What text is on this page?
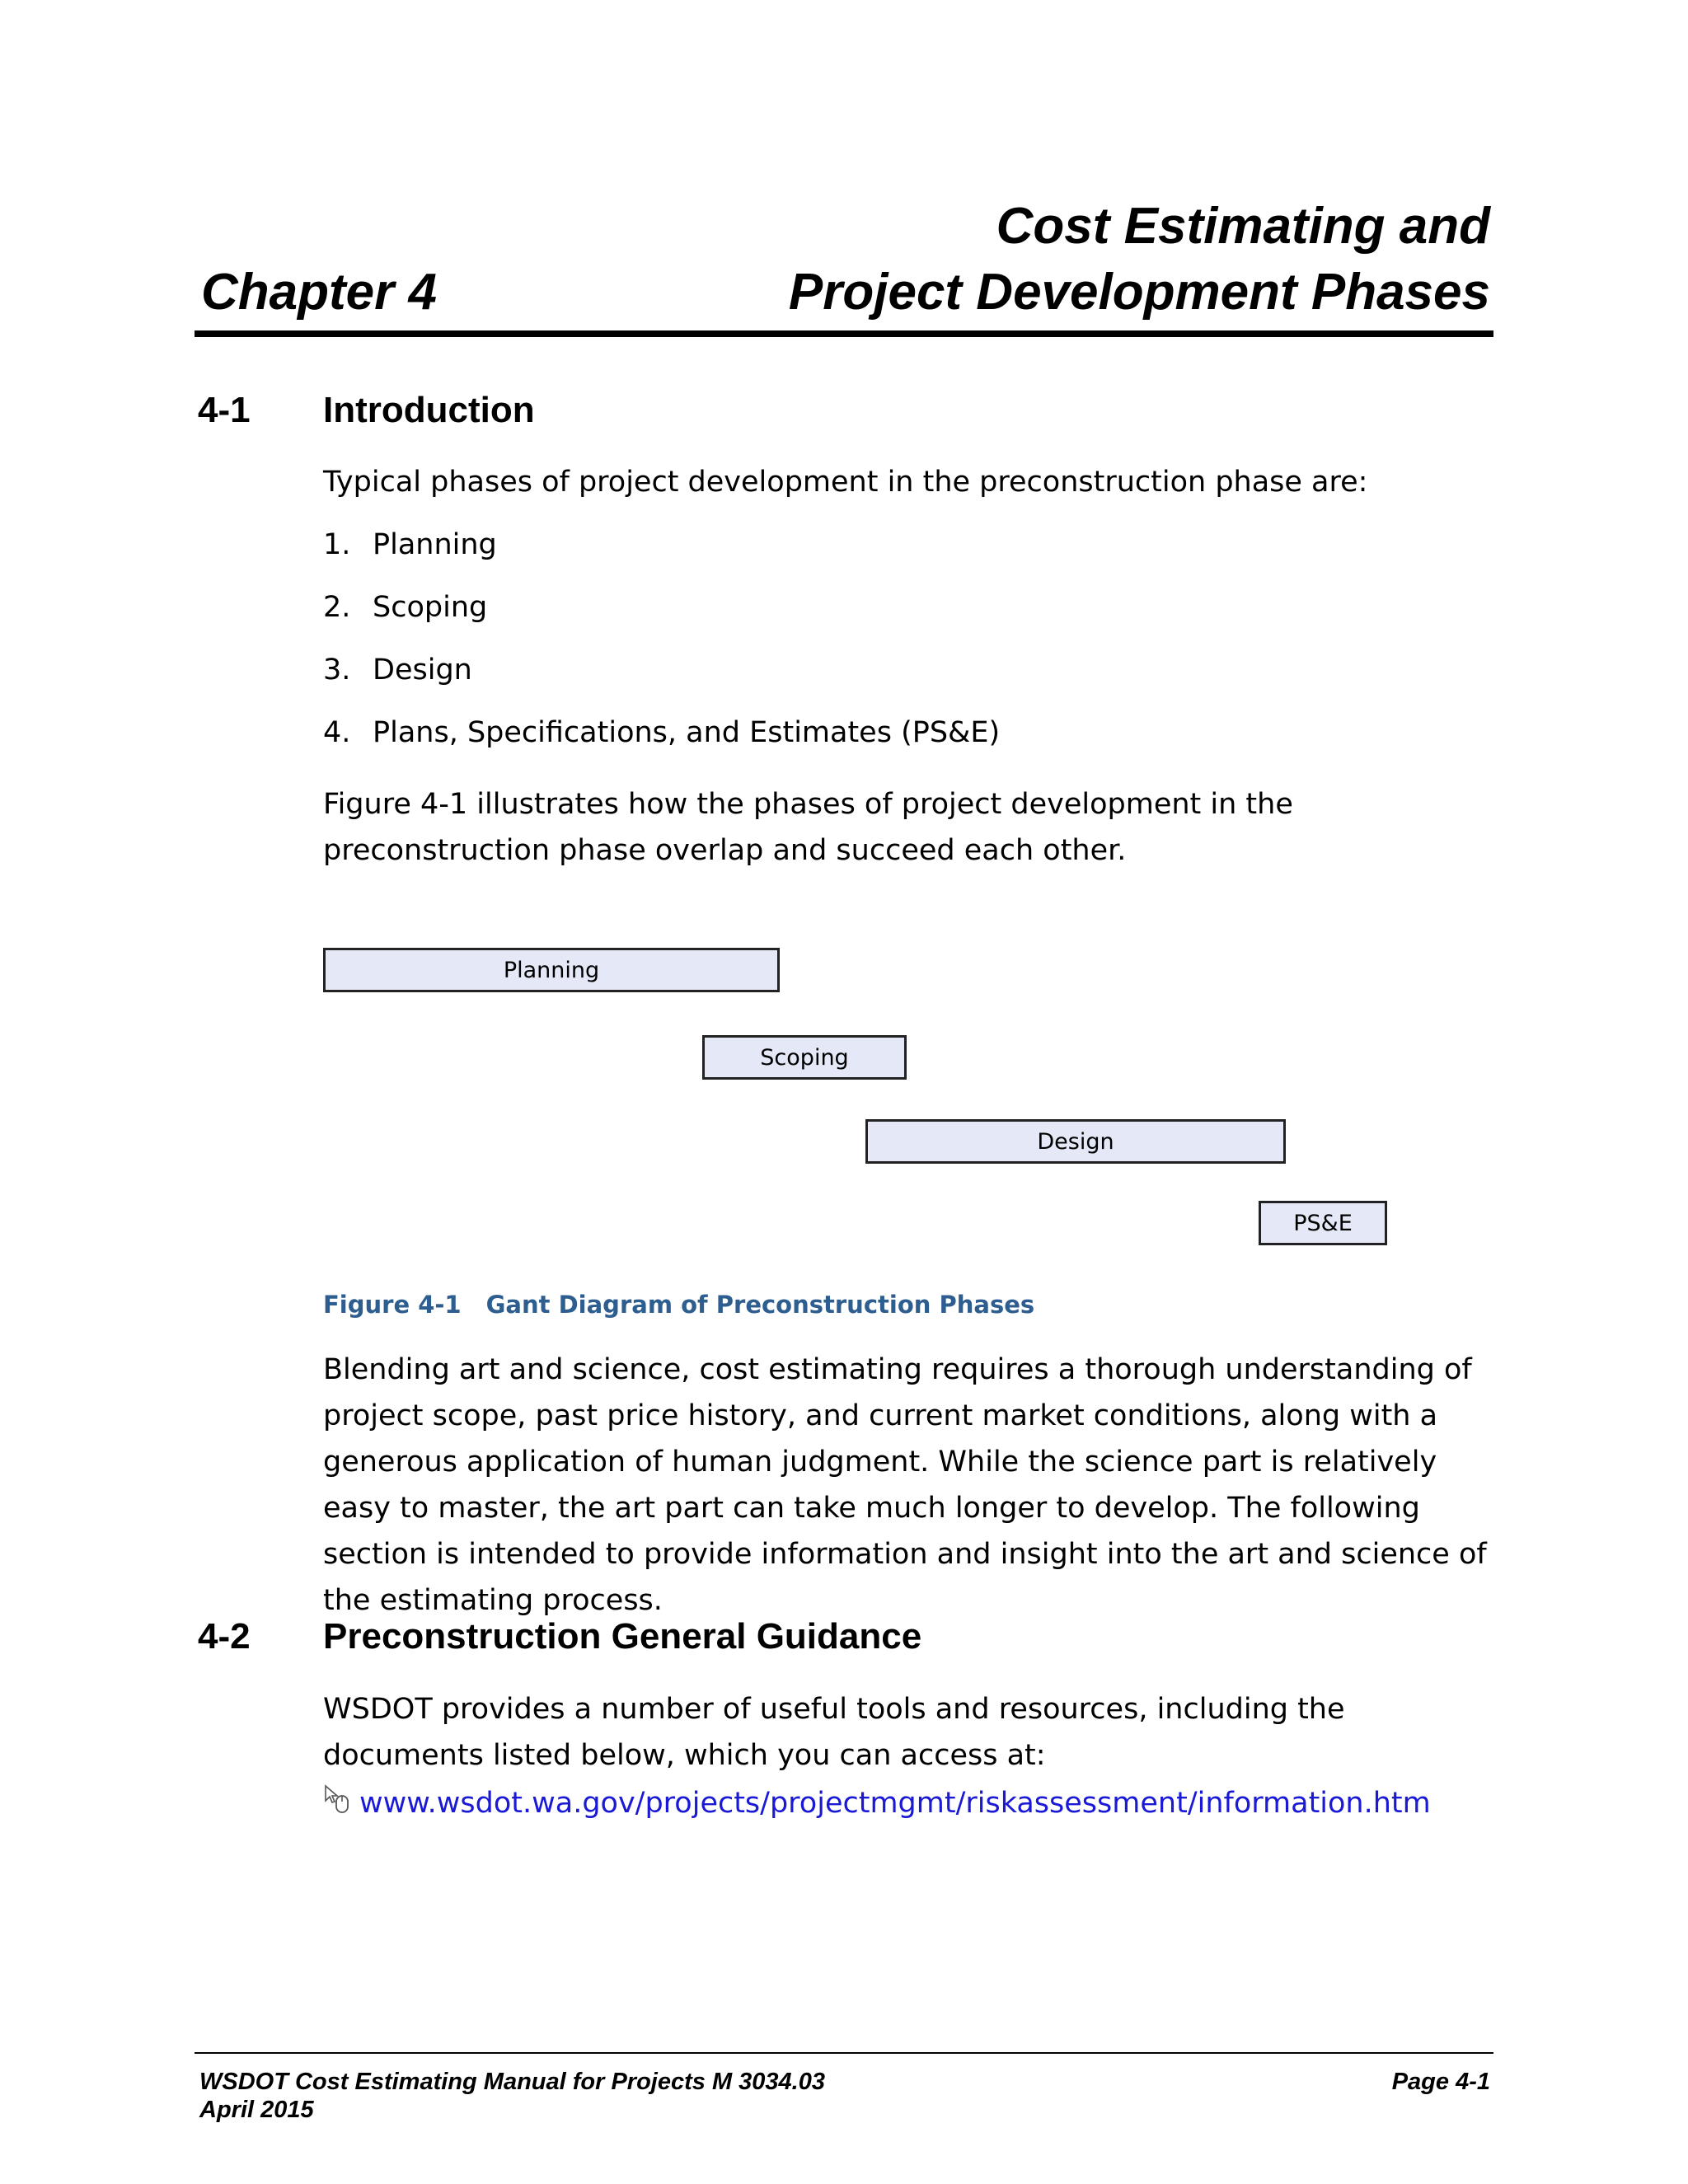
Cost Estimating and
Chapter 4	Project Development Phases
4-1 Introduction
Typical phases of project development in the preconstruction phase are:
1. Planning
2. Scoping
3. Design
4. Plans, Specifications, and Estimates (PS&E)
Figure 4-1 illustrates how the phases of project development in the preconstruction phase overlap and succeed each other.
Planning
Scoping
Design
PS&E
Figure 4-1 Gant Diagram of Preconstruction Phases
Blending art and science, cost estimating requires a thorough understanding of project scope, past price history, and current market conditions, along with a generous application of human judgment. While the science part is relatively easy to master, the art part can take much longer to develop. The following section is intended to provide information and insight into the art and science of the estimating process.
4-2 Preconstruction General Guidance
WSDOT provides a number of useful tools and resources, including the documents listed below, which you can access at:
www.wsdot.wa.gov/projects/projectmgmt/riskassessment/information.htm
WSDOT Cost Estimating Manual for Projects M 3034.03
April 2015
Page 4-1
